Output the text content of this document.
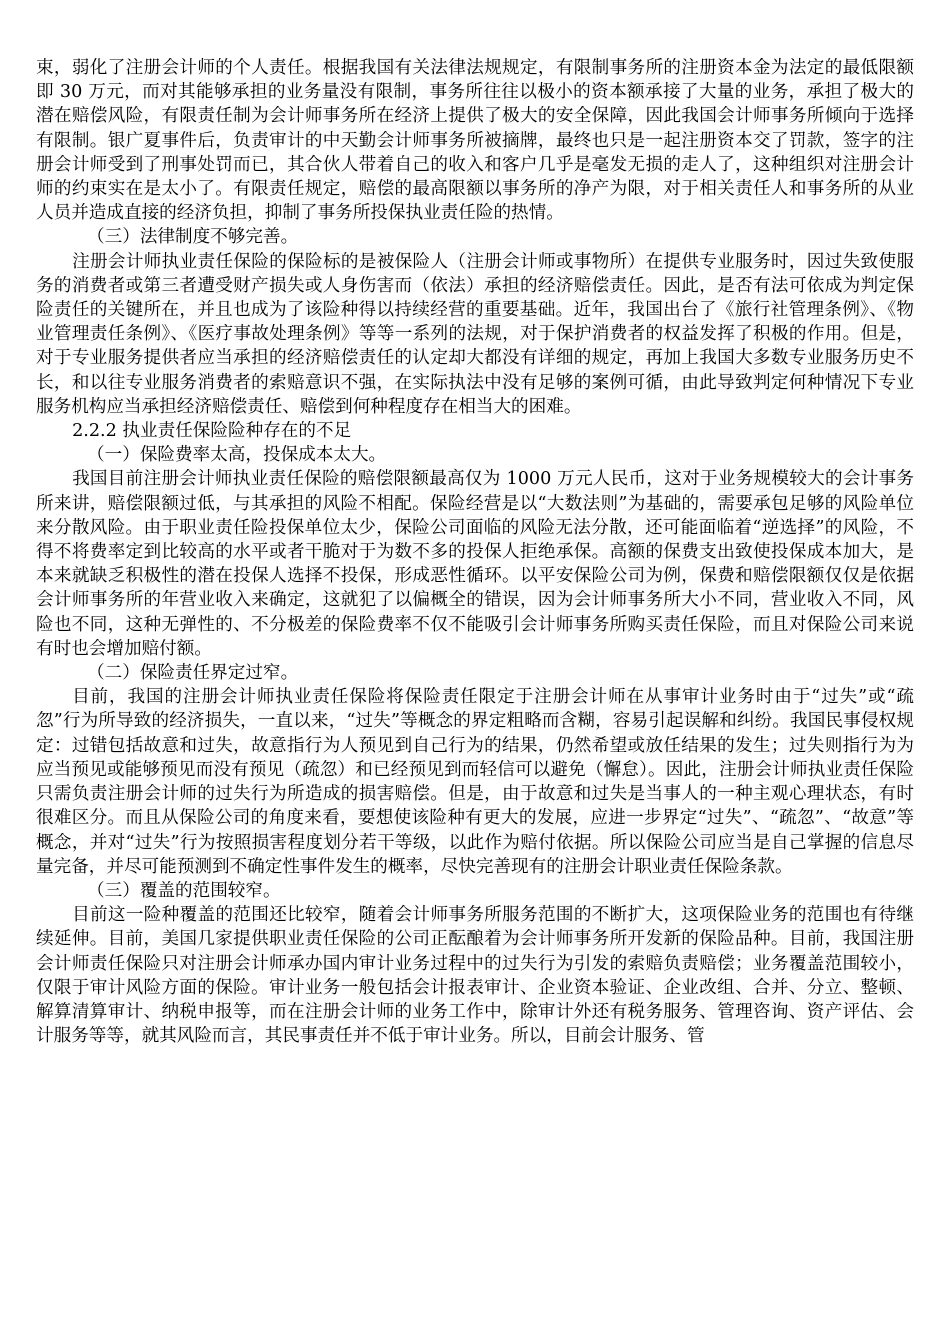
束，弱化了注册会计师的个人责任。根据我国有关法律法规规定，有限制事务所的注册资本金为法定的最低限额即 30 万元，而对其能够承担的业务量没有限制，事务所往往以极小的资本额承接了大量的业务，承担了极大的潜在赔偿风险，有限责任制为会计师事务所在经济上提供了极大的安全保障，因此我国会计师事务所倾向于选择有限制。银广夏事件后，负责审计的中天勤会计师事务所被摘牌，最终也只是一起注册资本交了罚款，签字的注册会计师受到了刑事处罚而已，其合伙人带着自己的收入和客户几乎是毫发无损的走人了，这种组织对注册会计师的约束实在是太小了。有限责任规定，赔偿的最高限额以事务所的净产为限，对于相关责任人和事务所的从业人员并造成直接的经济负担，抑制了事务所投保执业责任险的热情。

（三）法律制度不够完善。

注册会计师执业责任保险的保险标的是被保险人（注册会计师或事物所）在提供专业服务时，因过失致使服务的消费者或第三者遭受财产损失或人身伤害而（依法）承担的经济赔偿责任。因此，是否有法可依成为判定保险责任的关键所在，并且也成为了该险种得以持续经营的重要基础。近年，我国出台了《旅行社管理条例》、《物业管理责任条例》、《医疗事故处理条例》等等一系列的法规，对于保护消费者的权益发挥了积极的作用。但是，对于专业服务提供者应当承担的经济赔偿责任的认定却大都没有详细的规定，再加上我国大多数专业服务历史不长，和以往专业服务消费者的索赔意识不强，在实际执法中没有足够的案例可循，由此导致判定何种情况下专业服务机构应当承担经济赔偿责任、赔偿到何种程度存在相当大的困难。

2.2.2 执业责任保险险种存在的不足

（一）保险费率太高，投保成本太大。

我国目前注册会计师执业责任保险的赔偿限额最高仅为 1000 万元人民币，这对于业务规模较大的会计事务所来讲，赔偿限额过低，与其承担的风险不相配。保险经营是以“大数法则”为基础的，需要承包足够的风险单位来分散风险。由于职业责任险投保单位太少，保险公司面临的风险无法分散，还可能面临着“逆选择”的风险，不得不将费率定到比较高的水平或者干脆对于为数不多的投保人拒绝承保。高额的保费支出致使投保成本加大，是本来就缺乏积极性的潜在投保人选择不投保，形成恶性循环。以平安保险公司为例，保费和赔偿限额仅仅是依据会计师事务所的年营业收入来确定，这就犯了以偏概全的错误，因为会计师事务所大小不同，营业收入不同，风险也不同，这种无弹性的、不分极差的保险费率不仅不能吸引会计师事务所购买责任保险，而且对保险公司来说有时也会增加赔付额。

（二）保险责任界定过窄。

目前，我国的注册会计师执业责任保险将保险责任限定于注册会计师在从事审计业务时由于“过失”或“疏忽”行为所导致的经济损失，一直以来，“过失”等概念的界定粗略而含糊，容易引起误解和纠纷。我国民事侵权规定：过错包括故意和过失，故意指行为人预见到自己行为的结果，仍然希望或放任结果的发生；过失则指行为为应当预见或能够预见而没有预见（疏忽）和已经预见到而轻信可以避免（懈怠）。因此，注册会计师执业责任保险只需负责注册会计师的过失行为所造成的损害赔偿。但是，由于故意和过失是当事人的一种主观心理状态，有时很难区分。而且从保险公司的角度来看，要想使该险种有更大的发展，应进一步界定“过失”、“疏忽”、“故意”等概念，并对“过失”行为按照损害程度划分若干等级，以此作为赔付依据。所以保险公司应当是自己掌握的信息尽量完备，并尽可能预测到不确定性事件发生的概率，尽快完善现有的注册会计职业责任保险条款。

（三）覆盖的范围较窄。

目前这一险种覆盖的范围还比较窄，随着会计师事务所服务范围的不断扩大，这项保险业务的范围也有待继续延伸。目前，美国几家提供职业责任保险的公司正酝酿着为会计师事务所开发新的保险品种。目前，我国注册会计师责任保险只对注册会计师承办国内审计业务过程中的过失行为引发的索赔负责赔偿；业务覆盖范围较小，仅限于审计风险方面的保险。审计业务一般包括会计报表审计、企业资本验证、企业改组、合并、分立、整顿、解算清算审计、纳税申报等，而在注册会计师的业务工作中，除审计外还有税务服务、管理咨询、资产评估、会计服务等等，就其风险而言，其民事责任并不低于审计业务。所以，目前会计服务、管
